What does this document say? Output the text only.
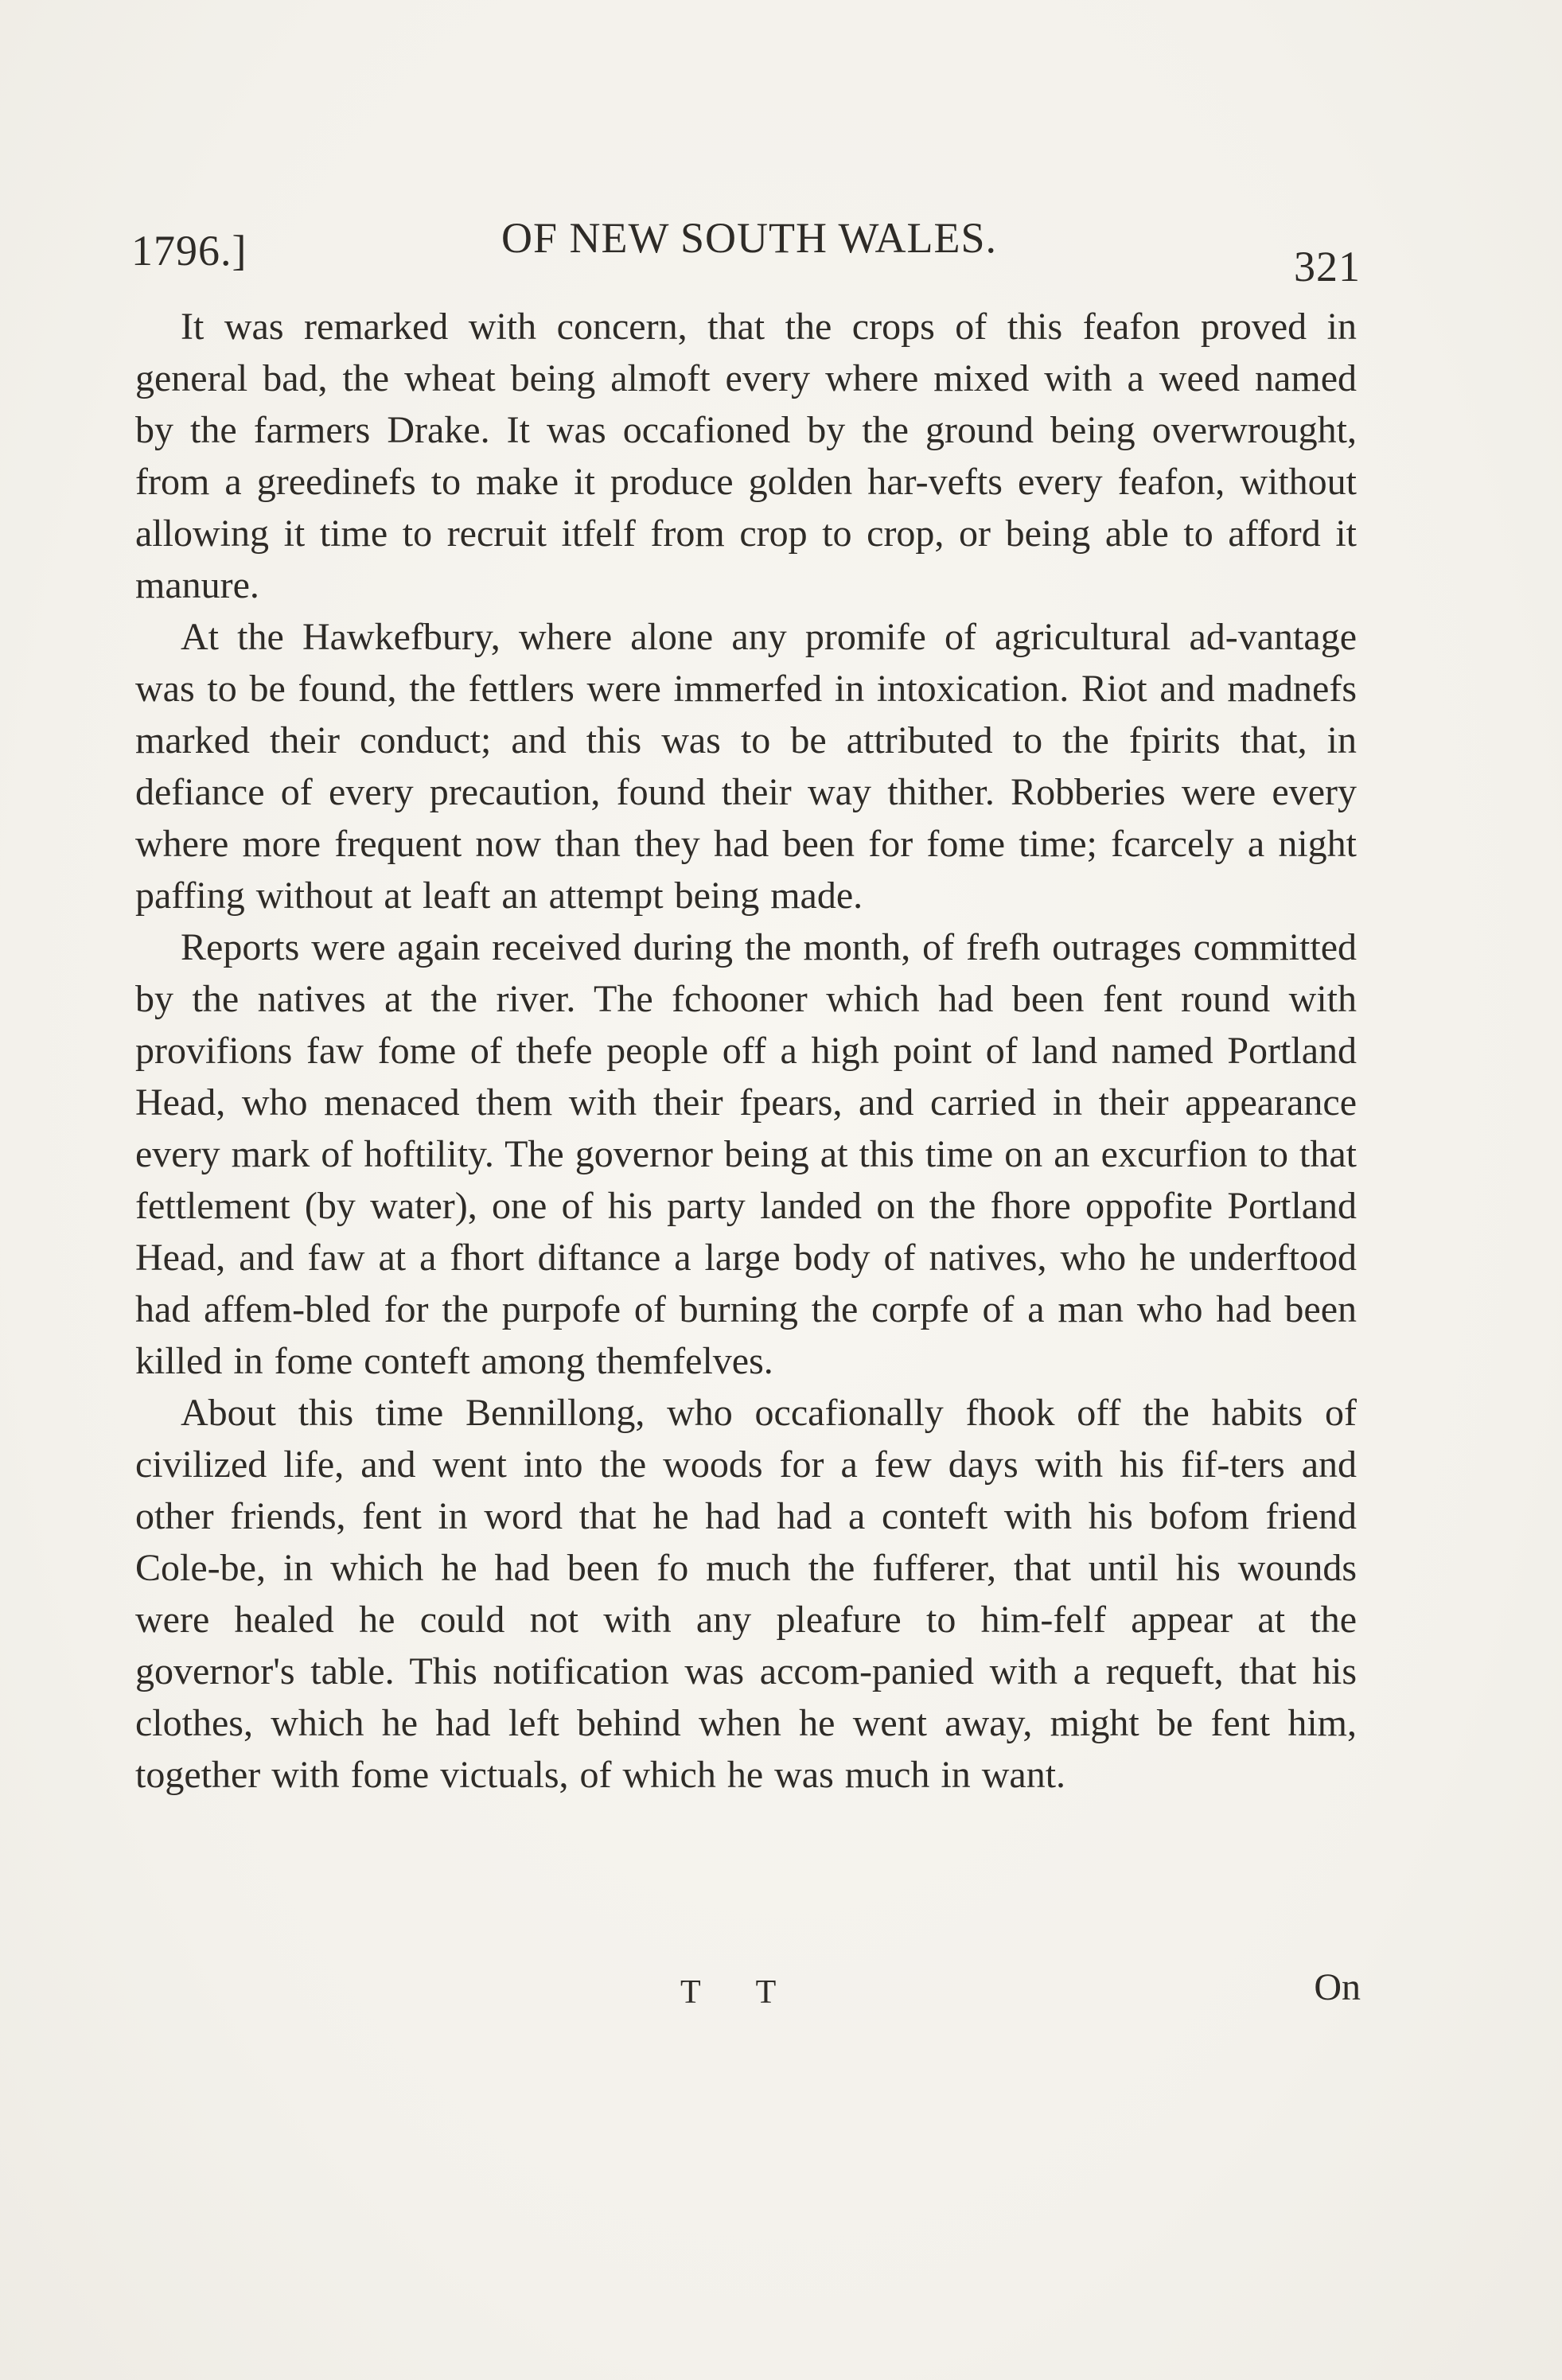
1796.]	OF NEW SOUTH WALES.
321

It was remarked with concern, that the crops of this feafon proved in general bad, the wheat being almoft every where mixed with a weed named by the farmers Drake. It was occafioned by the ground being overwrought, from a greedinefs to make it produce golden har-vefts every feafon, without allowing it time to recruit itfelf from crop to crop, or being able to afford it manure.

At the Hawkefbury, where alone any promife of agricultural ad-vantage was to be found, the fettlers were immerfed in intoxication. Riot and madnefs marked their conduct; and this was to be attributed to the fpirits that, in defiance of every precaution, found their way thither. Robberies were every where more frequent now than they had been for fome time; fcarcely a night paffing without at leaft an attempt being made.

Reports were again received during the month, of frefh outrages committed by the natives at the river. The fchooner which had been fent round with provifions faw fome of thefe people off a high point of land named Portland Head, who menaced them with their fpears, and carried in their appearance every mark of hoftility. The governor being at this time on an excurfion to that fettlement (by water), one of his party landed on the fhore oppofite Portland Head, and faw at a fhort diftance a large body of natives, who he underftood had affem-bled for the purpofe of burning the corpfe of a man who had been killed in fome conteft among themfelves.

About this time Bennillong, who occafionally fhook off the habits of civilized life, and went into the woods for a few days with his fif-ters and other friends, fent in word that he had had a conteft with his bofom friend Cole-be, in which he had been fo much the fufferer, that until his wounds were healed he could not with any pleafure to him-felf appear at the governor's table. This notification was accom-panied with a requeft, that his clothes, which he had left behind when he went away, might be fent him, together with fome victuals, of which he was much in want.

T T	On
